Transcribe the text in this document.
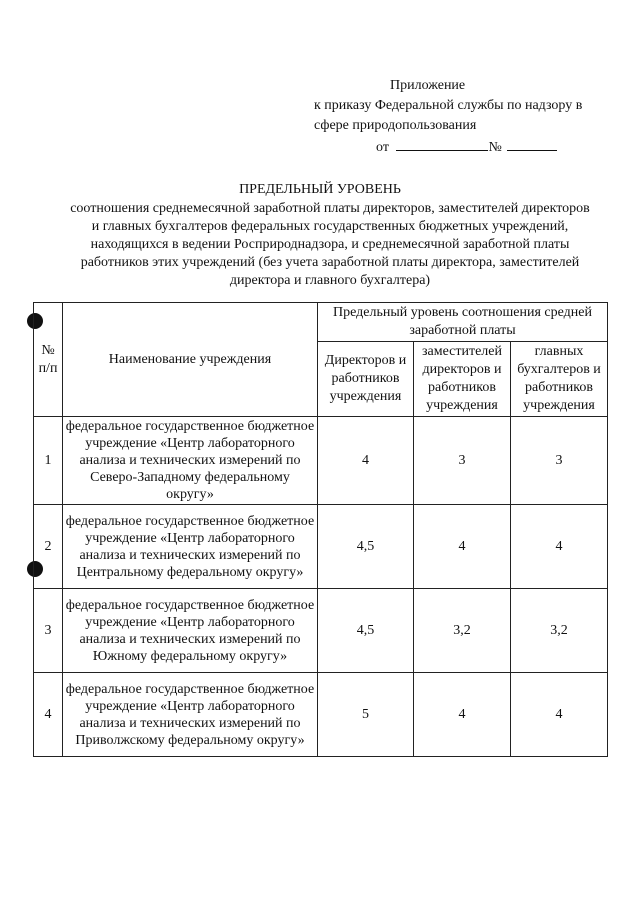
Приложение
к приказу Федеральной службы по надзору в
сфере природопользования
от	№
ПРЕДЕЛЬНЫЙ УРОВЕНЬ
соотношения среднемесячной заработной платы директоров, заместителей директоров и главных бухгалтеров федеральных государственных бюджетных учреждений, находящихся в ведении Росприроднадзора, и среднемесячной заработной платы работников этих учреждений (без учета заработной платы директора, заместителей директора и главного бухгалтера)
№ п/п	Наименование учреждения	Предельный уровень соотношения средней заработной платы		
		Директоров и работников учреждения	заместителей директоров и работников учреждения	главных бухгалтеров и работников учреждения
1	федеральное государственное бюджетное учреждение «Центр лабораторного анализа и технических измерений по Северо-Западному федеральному округу»	4	3	3
2	федеральное государственное бюджетное учреждение «Центр лабораторного анализа и технических измерений по Центральному федеральному округу»	4,5	4	4
3	федеральное государственное бюджетное учреждение «Центр лабораторного анализа и технических измерений по Южному федеральному округу»	4,5	3,2	3,2
4	федеральное государственное бюджетное учреждение «Центр лабораторного анализа и технических измерений по Приволжскому федеральному округу»	5	4	4
